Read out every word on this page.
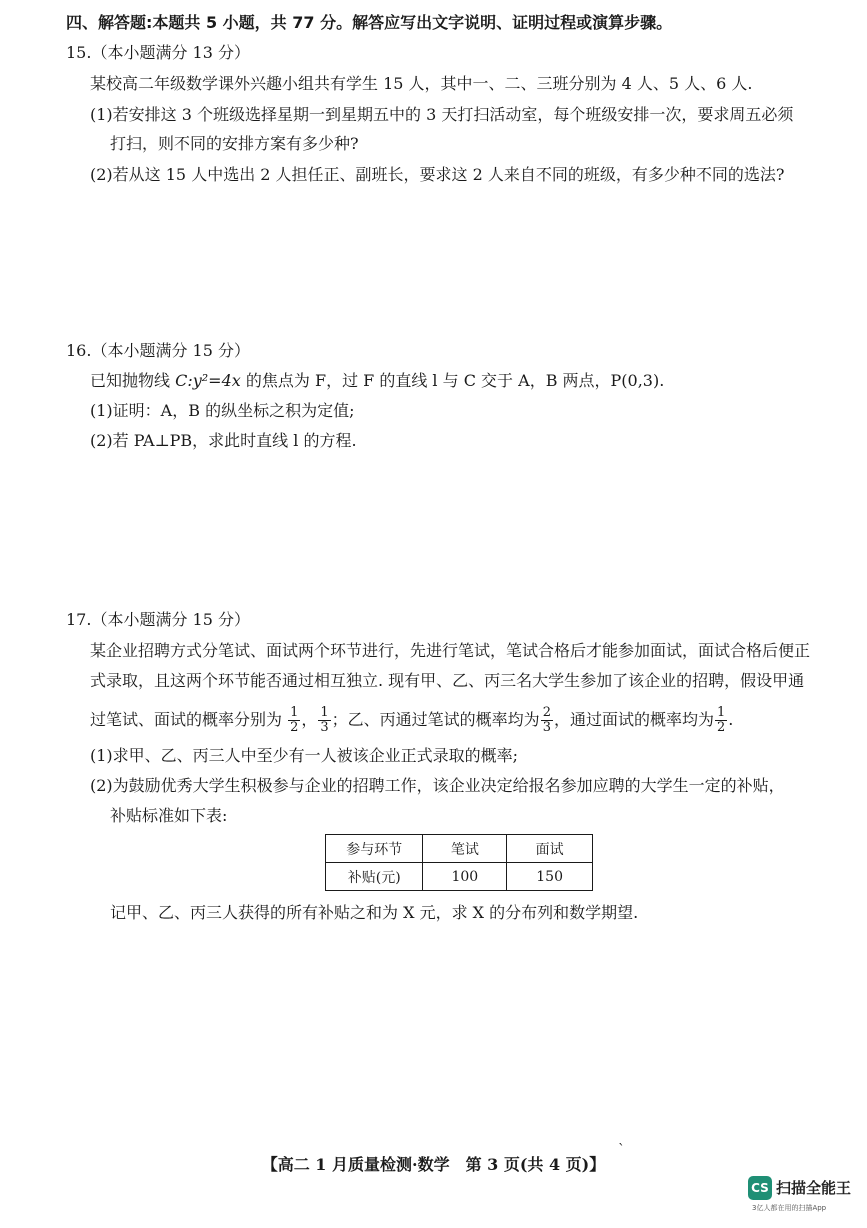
四、解答题:本题共 5 小题，共 77 分。解答应写出文字说明、证明过程或演算步骤。
15.（本小题满分 13 分）
某校高二年级数学课外兴趣小组共有学生 15 人，其中一、二、三班分别为 4 人、5 人、6 人.
(1)若安排这 3 个班级选择星期一到星期五中的 3 天打扫活动室，每个班级安排一次，要求周五必须
打扫，则不同的安排方案有多少种?
(2)若从这 15 人中选出 2 人担任正、副班长，要求这 2 人来自不同的班级，有多少种不同的选法?
16.（本小题满分 15 分）
已知抛物线 C:y²=4x 的焦点为 F，过 F 的直线 l 与 C 交于 A，B 两点，P(0,3).
(1)证明：A，B 的纵坐标之积为定值;
(2)若 PA⊥PB，求此时直线 l 的方程.
17.（本小题满分 15 分）
某企业招聘方式分笔试、面试两个环节进行，先进行笔试，笔试合格后才能参加面试，面试合格后便正
式录取，且这两个环节能否通过相互独立. 现有甲、乙、丙三名大学生参加了该企业的招聘，假设甲通
过笔试、面试的概率分别为 $\frac{1}{2}$ ， $\frac{1}{3}$ ；乙、丙通过笔试的概率均为 $\frac{2}{3}$ ，通过面试的概率均为 $\frac{1}{2}$ .
(1)求甲、乙、丙三人中至少有一人被该企业正式录取的概率;
(2)为鼓励优秀大学生积极参与企业的招聘工作，该企业决定给报名参加应聘的大学生一定的补贴，
补贴标准如下表:
参与环节	笔试	面试
补贴(元)	100	150
记甲、乙、丙三人获得的所有补贴之和为 X 元，求 X 的分布列和数学期望.
`
【高二 1 月质量检测·数学　第 3 页(共 4 页)】
CS 扫描全能王
3亿人都在用的扫描App
